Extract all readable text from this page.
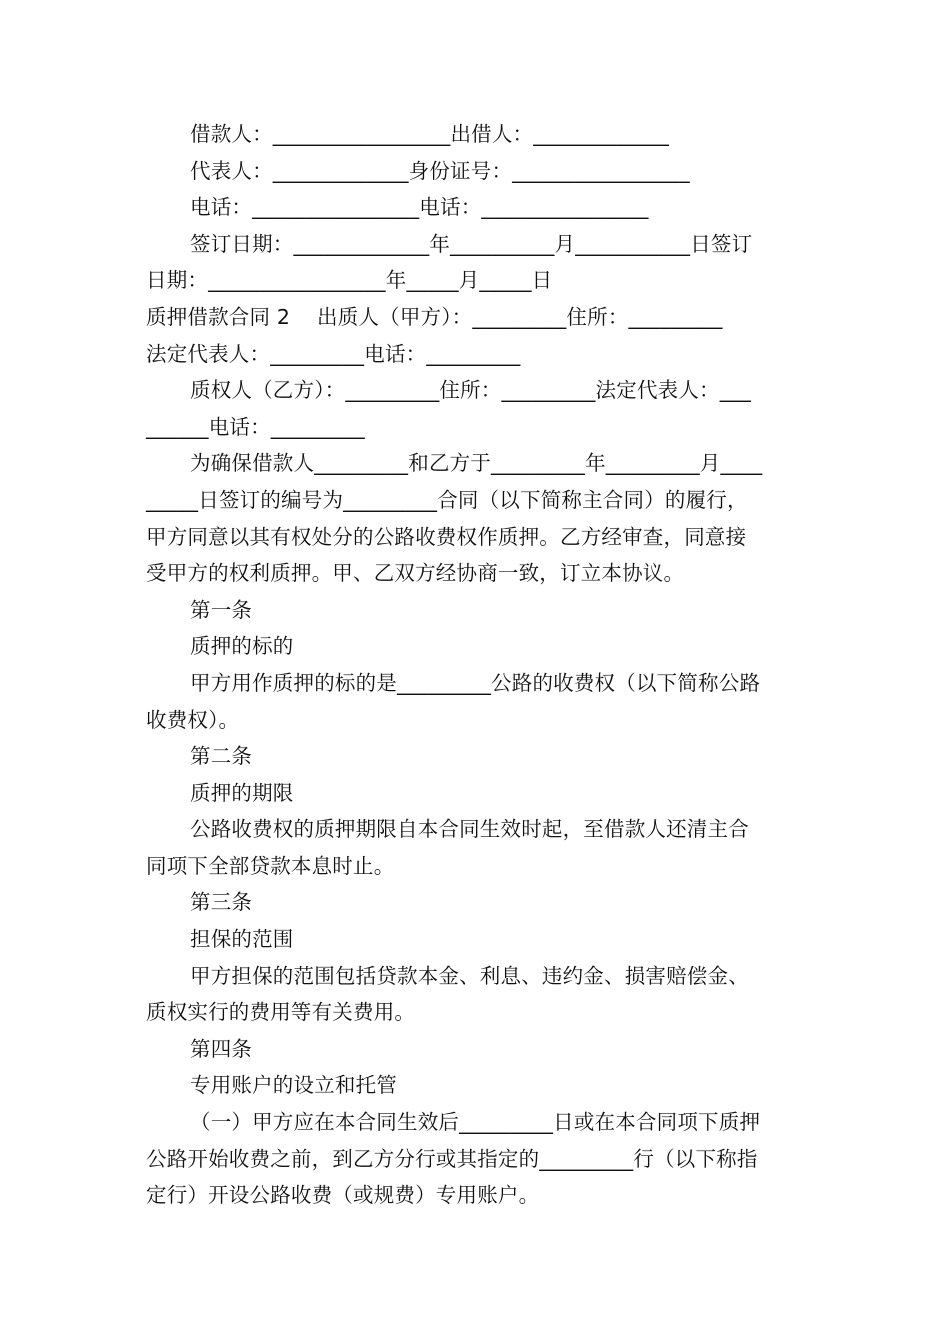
借款人：_________________出借人：_____________
代表人：_____________身份证号：_________________
电话：________________电话：________________
签订日期：_____________年__________月___________日签订
日期：_________________年_____月_____日
质押借款合同 2    出质人（甲方）：_________住所：_________
法定代表人：_________电话：_________
质权人（乙方）：_________住所：_________法定代表人：___
______电话：_________
为确保借款人_________和乙方于_________年_________月____
_____日签订的编号为_________合同（以下简称主合同）的履行，
甲方同意以其有权处分的公路收费权作质押。乙方经审查，同意接
受甲方的权利质押。甲、乙双方经协商一致，订立本协议。
第一条
质押的标的
甲方用作质押的标的是_________公路的收费权（以下简称公路
收费权）。
第二条
质押的期限
公路收费权的质押期限自本合同生效时起，至借款人还清主合
同项下全部贷款本息时止。
第三条
担保的范围
甲方担保的范围包括贷款本金、利息、违约金、损害赔偿金、
质权实行的费用等有关费用。
第四条
专用账户的设立和托管
（一）甲方应在本合同生效后_________日或在本合同项下质押
公路开始收费之前，到乙方分行或其指定的_________行（以下称指
定行）开设公路收费（或规费）专用账户。
